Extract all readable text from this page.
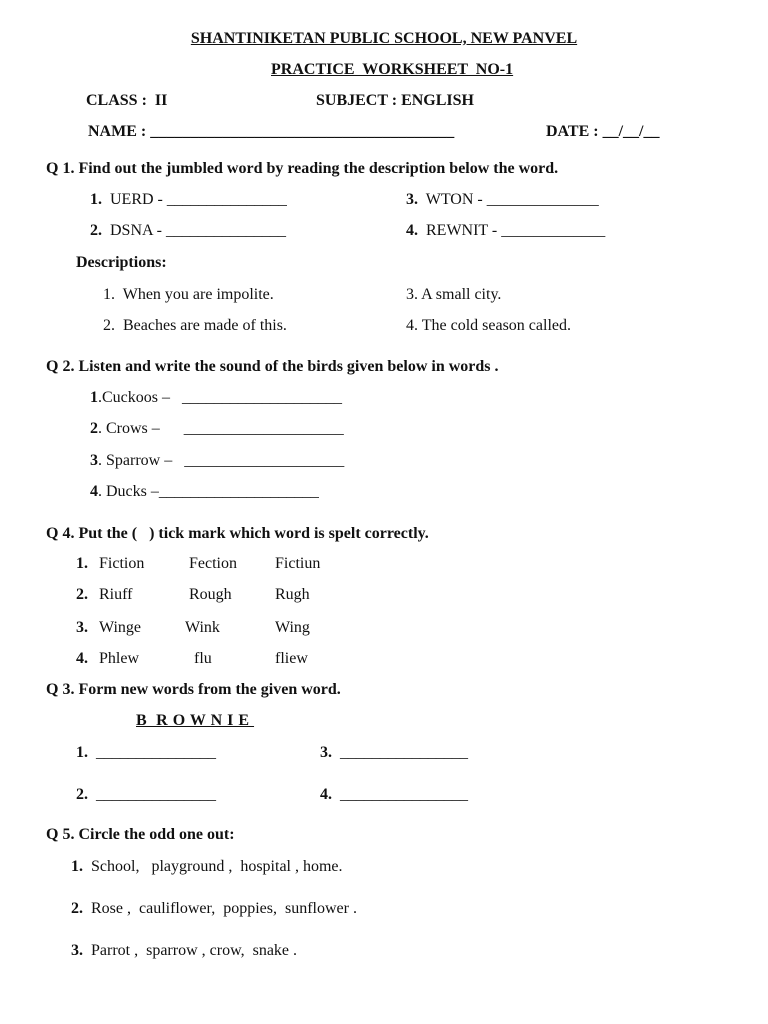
SHANTINIKETAN PUBLIC SCHOOL, NEW PANVEL
PRACTICE  WORKSHEET  NO-1
CLASS :  II	SUBJECT : ENGLISH
NAME : ______________________________________	DATE : __/__/__
Q 1. Find out the jumbled word by reading the description below the word.
1. UERD - _______________
2. DSNA - _______________
3. WTON - ______________
4. REWNIT - _____________
Descriptions:
1.  When you are impolite.
2.  Beaches are made of this.
3. A small city.
4. The cold season called.
Q 2. Listen and write the sound of the birds given below in words .
1.Cuckoos –   ____________________
2. Crows –      ____________________
3. Sparrow –   ____________________
4. Ducks –____________________
Q 4. Put the (   ) tick mark which word is spelt correctly.
1. Fiction	Fection Fictiun
2. Riuff	Rough	Rugh
3. Winge	Wink	Wing
4. Phlew	flu	fliew
Q 3. Form new words from the given word.
B  R O W N I E
1. _______________	3. ________________
2. _______________	4. ________________
Q 5. Circle the odd one out:
1. School,   playground ,  hospital , home.
2. Rose ,  cauliflower,  poppies,  sunflower .
3. Parrot ,  sparrow , crow,  snake .
